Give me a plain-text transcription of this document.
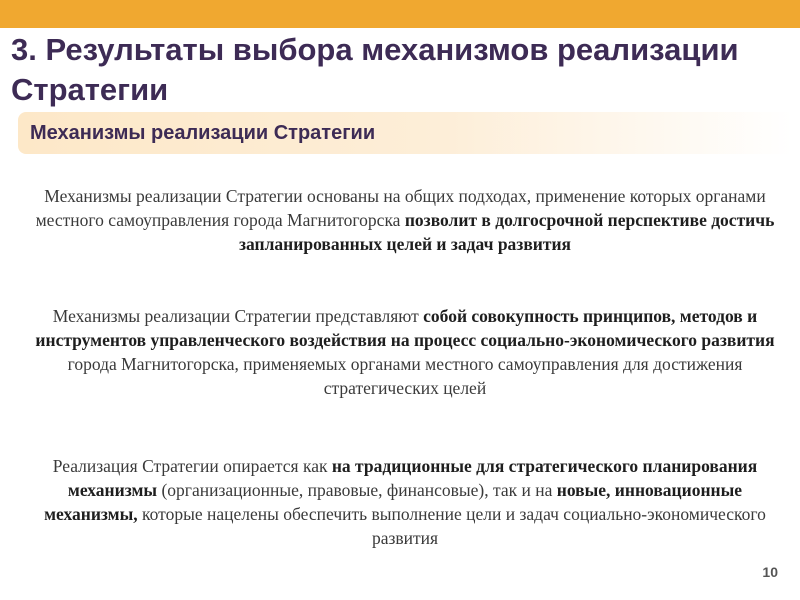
3. Результаты выбора механизмов реализации
Стратегии
Механизмы реализации Стратегии

Механизмы реализации Стратегии основаны на общих подходах, применение которых органами местного самоуправления города Магнитогорска позволит в долгосрочной перспективе достичь запланированных целей и задач развития

Механизмы реализации Стратегии представляют собой совокупность принципов, методов и инструментов управленческого воздействия на процесс социально-экономического развития города Магнитогорска, применяемых органами местного самоуправления для достижения стратегических целей

Реализация Стратегии опирается как на традиционные для стратегического планирования механизмы (организационные, правовые, финансовые), так и на новые, инновационные механизмы, которые нацелены обеспечить выполнение цели и задач социально-экономического развития

10
